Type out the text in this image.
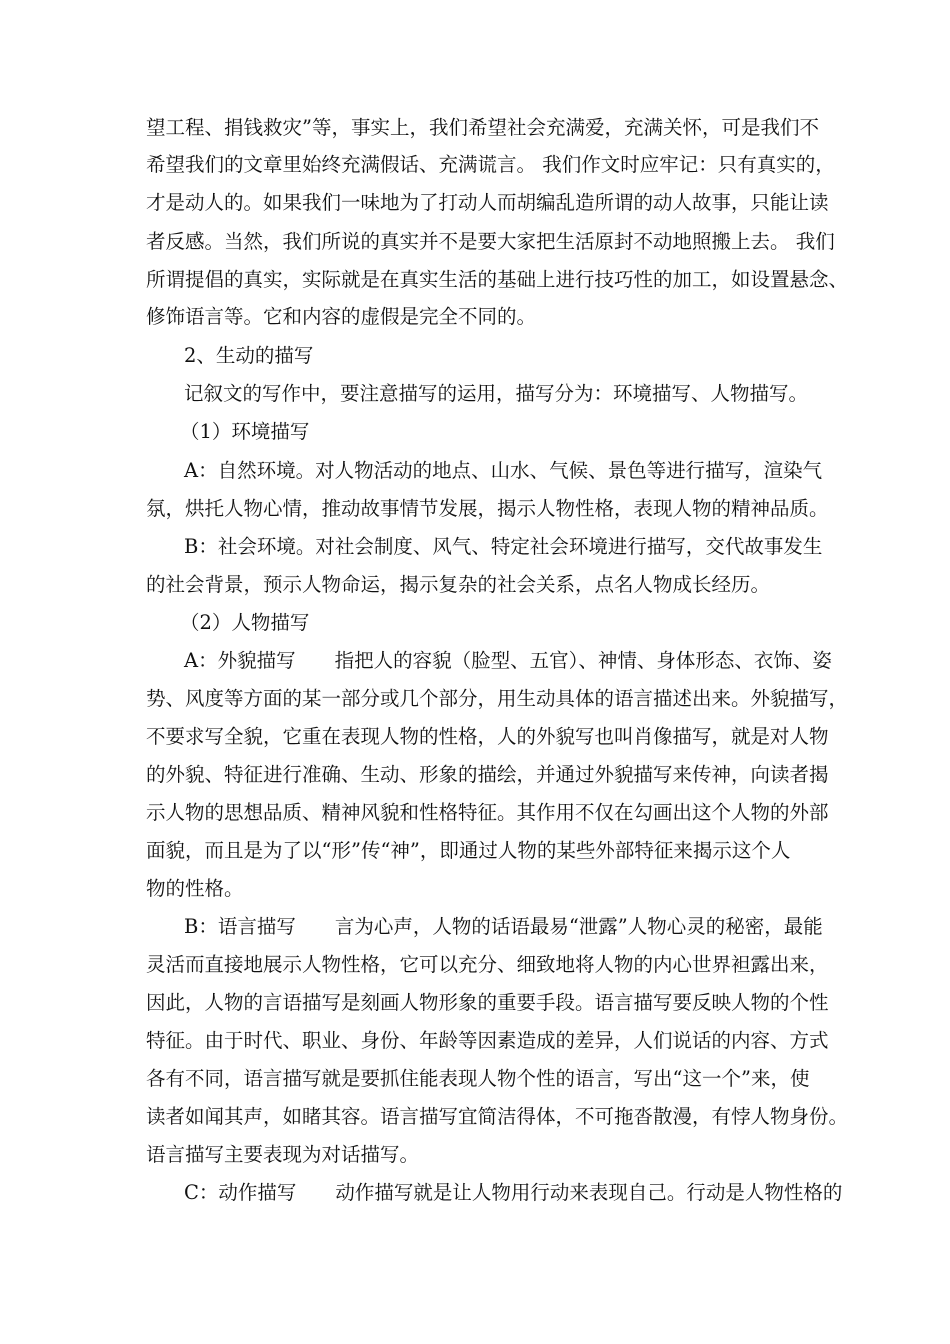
望工程、捐钱救灾”等，事实上，我们希望社会充满爱，充满关怀，可是我们不
希望我们的文章里始终充满假话、充满谎言。 我们作文时应牢记：只有真实的，
才是动人的。如果我们一味地为了打动人而胡编乱造所谓的动人故事，只能让读
者反感。当然，我们所说的真实并不是要大家把生活原封不动地照搬上去。 我们
所谓提倡的真实，实际就是在真实生活的基础上进行技巧性的加工，如设置悬念、
修饰语言等。它和内容的虚假是完全不同的。
2、生动的描写
记叙文的写作中，要注意描写的运用，描写分为：环境描写、人物描写。
（1）环境描写
A：自然环境。对人物活动的地点、山水、气候、景色等进行描写，渲染气
氛，烘托人物心情，推动故事情节发展，揭示人物性格，表现人物的精神品质。
B：社会环境。对社会制度、风气、特定社会环境进行描写，交代故事发生
的社会背景，预示人物命运，揭示复杂的社会关系，点名人物成长经历。
（2）人物描写
A：外貌描写　　指把人的容貌（脸型、五官）、神情、身体形态、衣饰、姿
势、风度等方面的某一部分或几个部分，用生动具体的语言描述出来。外貌描写，
不要求写全貌，它重在表现人物的性格，人的外貌写也叫肖像描写，就是对人物
的外貌、特征进行准确、生动、形象的描绘，并通过外貌描写来传神，向读者揭
示人物的思想品质、精神风貌和性格特征。其作用不仅在勾画出这个人物的外部
面貌，而且是为了以“形”传“神”，即通过人物的某些外部特征来揭示这个人
物的性格。
B：语言描写　　言为心声，人物的话语最易“泄露”人物心灵的秘密，最能
灵活而直接地展示人物性格，它可以充分、细致地将人物的内心世界袒露出来，
因此，人物的言语描写是刻画人物形象的重要手段。语言描写要反映人物的个性
特征。由于时代、职业、身份、年龄等因素造成的差异，人们说话的内容、方式
各有不同，语言描写就是要抓住能表现人物个性的语言，写出“这一个”来，使
读者如闻其声，如睹其容。语言描写宜简洁得体，不可拖沓散漫，有悖人物身份。
语言描写主要表现为对话描写。
C：动作描写　　动作描写就是让人物用行动来表现自己。行动是人物性格的
